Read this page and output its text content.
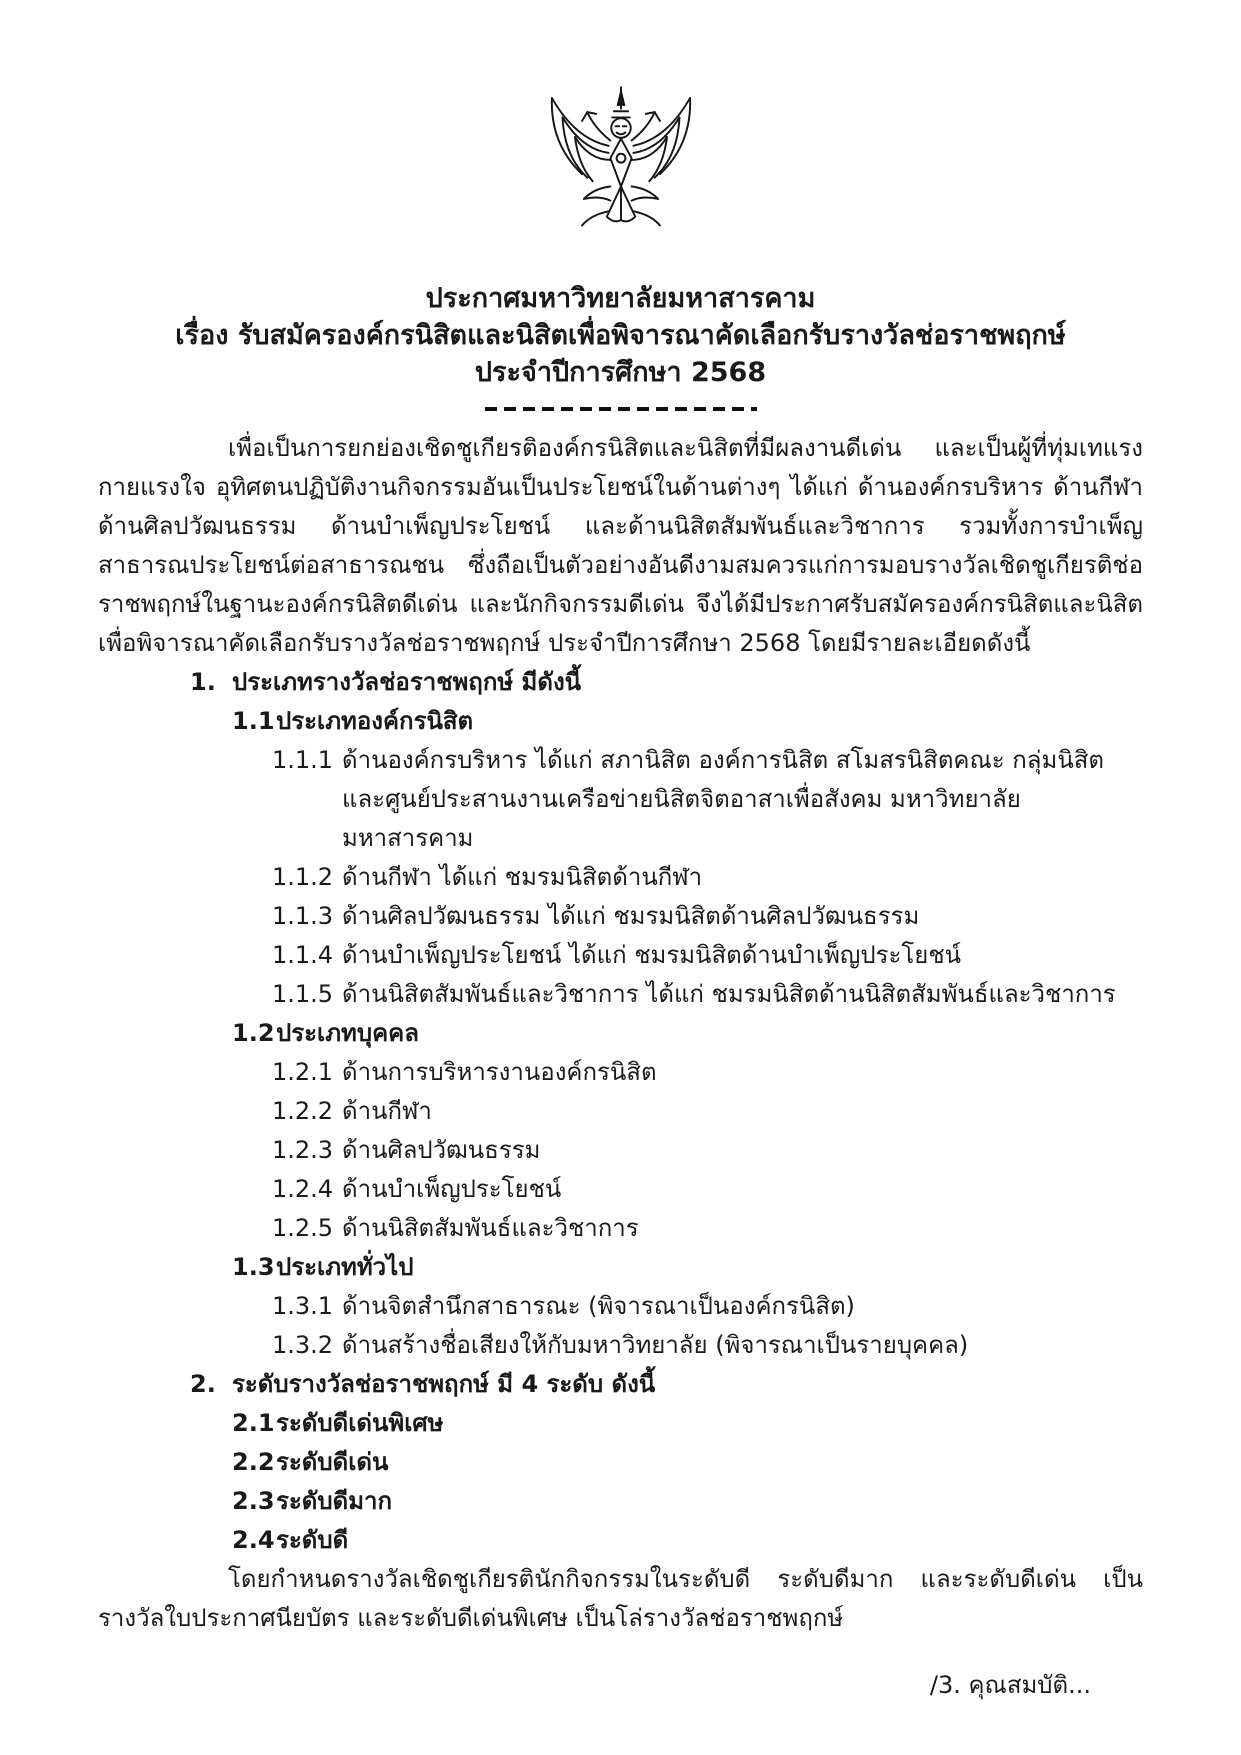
ประกาศมหาวิทยาลัยมหาสารคาม
เรื่อง รับสมัครองค์กรนิสิตและนิสิตเพื่อพิจารณาคัดเลือกรับรางวัลช่อราชพฤกษ์
ประจำปีการศึกษา 2568

เพื่อเป็นการยกย่องเชิดชูเกียรติองค์กรนิสิตและนิสิตที่มีผลงานดีเด่น และเป็นผู้ที่ทุ่มเทแรงกายแรงใจ อุทิศตนปฏิบัติงานกิจกรรมอันเป็นประโยชน์ในด้านต่างๆ ได้แก่ ด้านองค์กรบริหาร ด้านกีฬา ด้านศิลปวัฒนธรรม ด้านบำเพ็ญประโยชน์ และด้านนิสิตสัมพันธ์และวิชาการ รวมทั้งการบำเพ็ญสาธารณประโยชน์ต่อสาธารณชน ซึ่งถือเป็นตัวอย่างอันดีงามสมควรแก่การมอบรางวัลเชิดชูเกียรติช่อราชพฤกษ์ในฐานะองค์กรนิสิตดีเด่น และนักกิจกรรมดีเด่น จึงได้มีประกาศรับสมัครองค์กรนิสิตและนิสิตเพื่อพิจารณาคัดเลือกรับรางวัลช่อราชพฤกษ์ ประจำปีการศึกษา 2568 โดยมีรายละเอียดดังนี้

1. ประเภทรางวัลช่อราชพฤกษ์ มีดังนี้
1.1 ประเภทองค์กรนิสิต
1.1.1 ด้านองค์กรบริหาร ได้แก่ สภานิสิต องค์การนิสิต สโมสรนิสิตคณะ กลุ่มนิสิต และศูนย์ประสานงานเครือข่ายนิสิตจิตอาสาเพื่อสังคม มหาวิทยาลัยมหาสารคาม
1.1.2 ด้านกีฬา ได้แก่ ชมรมนิสิตด้านกีฬา
1.1.3 ด้านศิลปวัฒนธรรม ได้แก่ ชมรมนิสิตด้านศิลปวัฒนธรรม
1.1.4 ด้านบำเพ็ญประโยชน์ ได้แก่ ชมรมนิสิตด้านบำเพ็ญประโยชน์
1.1.5 ด้านนิสิตสัมพันธ์และวิชาการ ได้แก่ ชมรมนิสิตด้านนิสิตสัมพันธ์และวิชาการ
1.2 ประเภทบุคคล
1.2.1 ด้านการบริหารงานองค์กรนิสิต
1.2.2 ด้านกีฬา
1.2.3 ด้านศิลปวัฒนธรรม
1.2.4 ด้านบำเพ็ญประโยชน์
1.2.5 ด้านนิสิตสัมพันธ์และวิชาการ
1.3 ประเภททั่วไป
1.3.1 ด้านจิตสำนึกสาธารณะ (พิจารณาเป็นองค์กรนิสิต)
1.3.2 ด้านสร้างชื่อเสียงให้กับมหาวิทยาลัย (พิจารณาเป็นรายบุคคล)
2. ระดับรางวัลช่อราชพฤกษ์ มี 4 ระดับ ดังนี้
2.1 ระดับดีเด่นพิเศษ
2.2 ระดับดีเด่น
2.3 ระดับดีมาก
2.4 ระดับดี

โดยกำหนดรางวัลเชิดชูเกียรตินักกิจกรรมในระดับดี ระดับดีมาก และระดับดีเด่น เป็นรางวัลใบประกาศนียบัตร และระดับดีเด่นพิเศษ เป็นโล่รางวัลช่อราชพฤกษ์

/3. คุณสมบัติ...
